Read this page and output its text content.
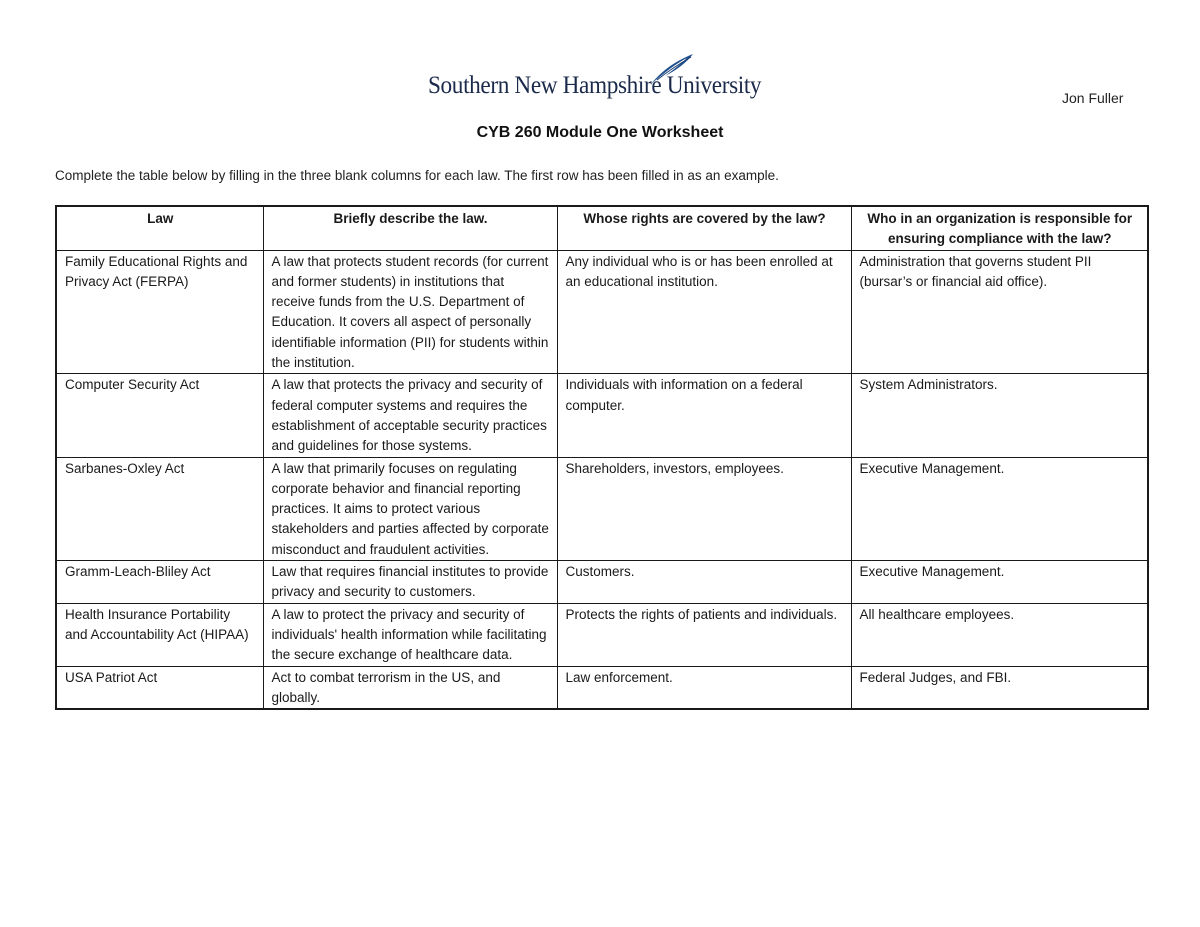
Southern New Hampshire University	Jon Fuller
CYB 260 Module One Worksheet
Complete the table below by filling in the three blank columns for each law. The first row has been filled in as an example.
Law	Briefly describe the law.	Whose rights are covered by the law?	Who in an organization is responsible for ensuring compliance with the law?
Family Educational Rights and Privacy Act (FERPA)	A law that protects student records (for current and former students) in institutions that receive funds from the U.S. Department of Education. It covers all aspect of personally identifiable information (PII) for students within the institution.	Any individual who is or has been enrolled at an educational institution.	Administration that governs student PII (bursar’s or financial aid office).
Computer Security Act	A law that protects the privacy and security of federal computer systems and requires the establishment of acceptable security practices and guidelines for those systems.	Individuals with information on a federal computer.	System Administrators.
Sarbanes-Oxley Act	A law that primarily focuses on regulating corporate behavior and financial reporting practices. It aims to protect various stakeholders and parties affected by corporate misconduct and fraudulent activities.	Shareholders, investors, employees.	Executive Management.
Gramm-Leach-Bliley Act	Law that requires financial institutes to provide privacy and security to customers.	Customers.	Executive Management.
Health Insurance Portability and Accountability Act (HIPAA)	A law to protect the privacy and security of individuals' health information while facilitating the secure exchange of healthcare data.	Protects the rights of patients and individuals.	All healthcare employees.
USA Patriot Act	Act to combat terrorism in the US, and globally.	Law enforcement.	Federal Judges, and FBI.
